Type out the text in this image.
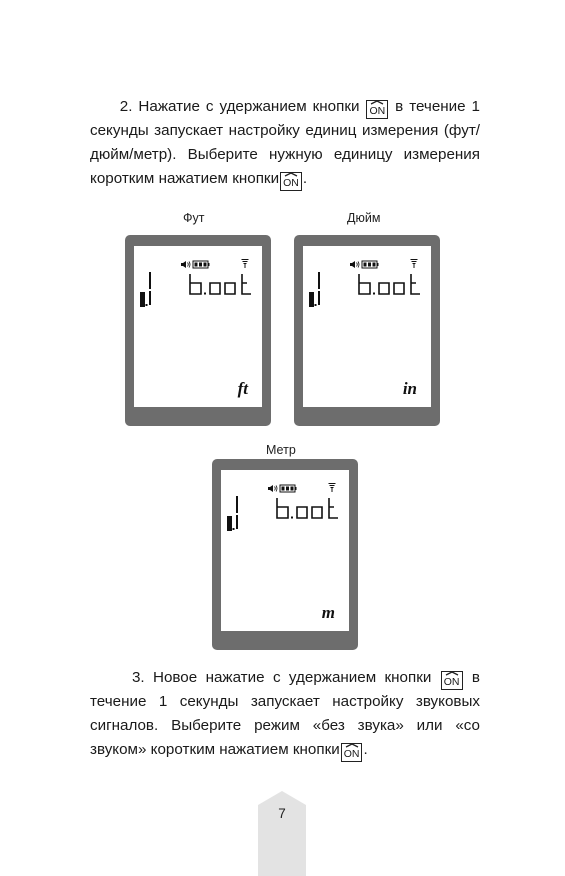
2. Нажатие с удержанием кнопки ON в течение 1 секунды запускает настройку единиц измерения (фут/дюйм/метр). Выберите нужную единицу измерения коротким нажатием кнопки ON .
Фут
ft
Дюйм
in
Метр
m
3. Новое нажатие с удержанием кнопки ON в течение 1 секунды запускает настройку звуковых сигналов. Выберите режим «без звука» или «со звуком» коротким нажатием кнопки ON .
7
